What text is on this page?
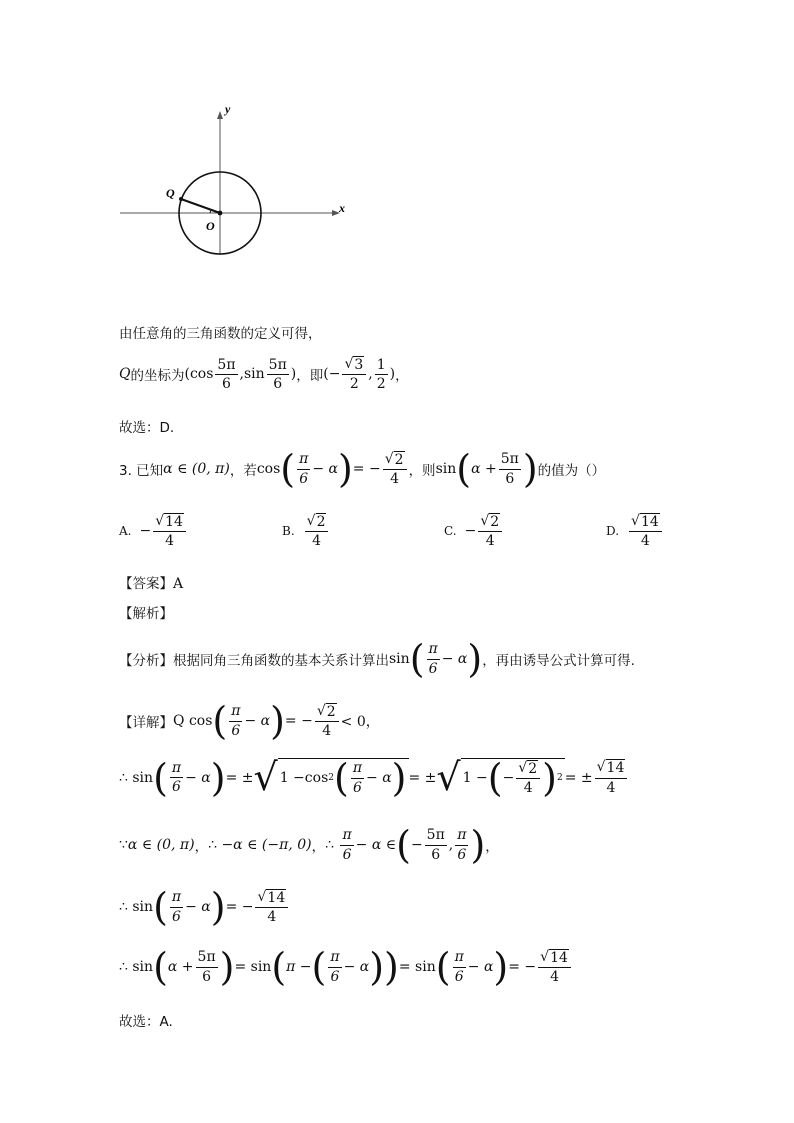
x
y
Q
O
由任意角的三角函数的定义可得，
Q 的坐标为 ($\cos \frac{5\pi}{6} ,\sin \frac{5\pi}{6}$ ) ，即 (− $\frac{√ 3}{2}$ , $\frac{1}{2}$ ) ，
故选：D.
3. 已知 α ∈ (0, π) ，若 cos ( $\frac{\pi}{6} - \alpha$ ) = − $\frac{√ 2}{4}$ ，则 sin ( $\alpha + \frac{5\pi}{6}$ ) 的值为（）
A. − $\frac{√ 14}{4}$	B. $\frac{√ 2}{4}$	C. − $\frac{√ 2}{4}$	D. $\frac{√ 14}{4}$
【答案】A
【解析】
【分析】 根据同角三角函数的基本关系计算出 sin ( $\frac{\pi}{6} - \alpha$ ) ，再由诱导公式计算可得.
【详解】 Q
cos ( $\frac{\pi}{6} - \alpha$ ) = − $\frac{√ 2}{4} < 0$，
∴
sin ( $\frac{\pi}{6} - \alpha$ ) = ± √ 1 − cos 2 ( $\frac{\pi}{6} - \alpha$ ) = ± √ 1 − ( − $\frac{√ 2}{4}$ ) 2 = ± $\frac{√ 14}{4}$
∵ α ∈ (0, π) ， ∴
−α ∈ (−π, 0) ， ∴
$\frac{\pi}{6} - \alpha$ ∈ ( − $\frac{5\pi}{6}$ , $\frac{\pi}{6}$ ) ，
∴
sin ( $\frac{\pi}{6} - \alpha$ ) = − $\frac{√ 14}{4}$
∴
sin ( $\alpha + \frac{5\pi}{6}$ ) = sin ( π − ( $\frac{\pi}{6} - \alpha$ )) = sin ( $\frac{\pi}{6} - \alpha$ ) = − $\frac{√ 14}{4}$
故选：A.
